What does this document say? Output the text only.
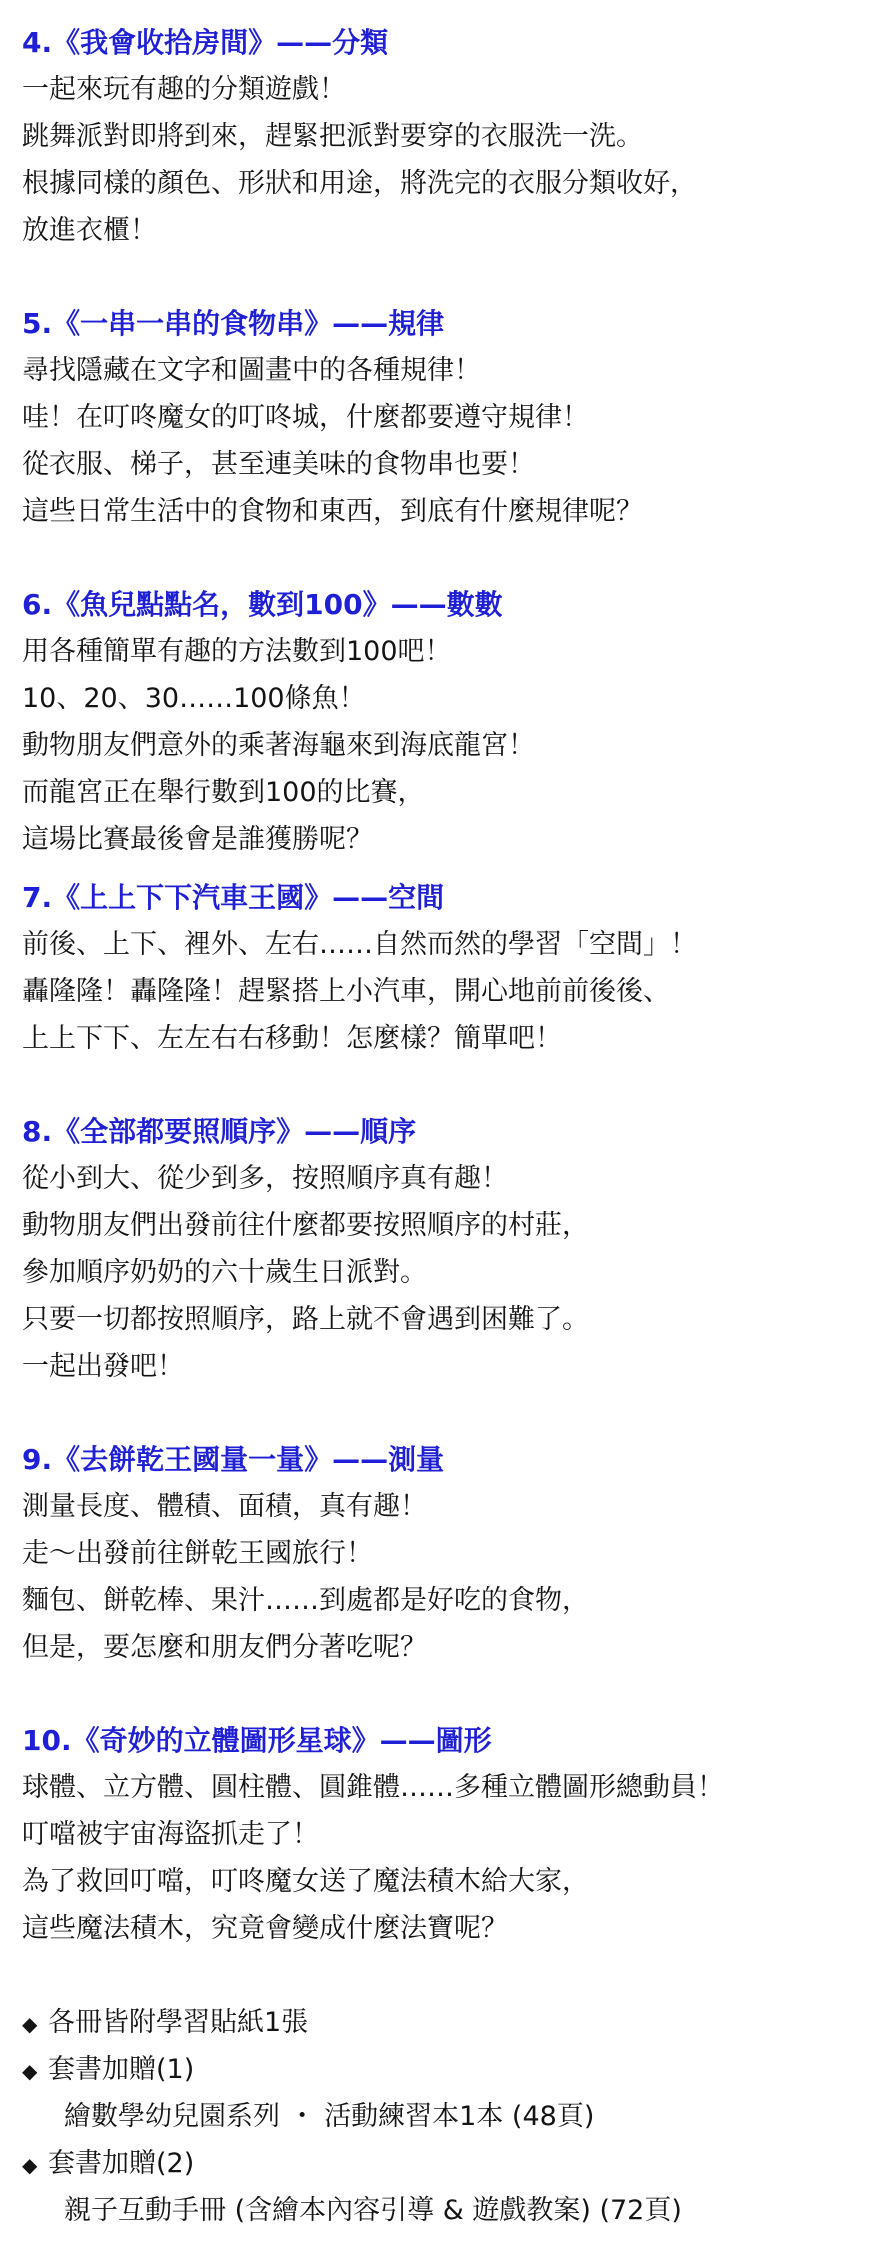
4.《我會收拾房間》——分類
一起來玩有趣的分類遊戲！
跳舞派對即將到來，趕緊把派對要穿的衣服洗一洗。
根據同樣的顏色、形狀和用途，將洗完的衣服分類收好，
放進衣櫃！
5.《一串一串的食物串》——規律
尋找隱藏在文字和圖畫中的各種規律！
哇！在叮咚魔女的叮咚城，什麼都要遵守規律！
從衣服、梯子，甚至連美味的食物串也要！
這些日常生活中的食物和東西，到底有什麼規律呢？
6.《魚兒點點名，數到100》——數數
用各種簡單有趣的方法數到100吧！
10、20、30……100條魚！
動物朋友們意外的乘著海龜來到海底龍宮！
而龍宮正在舉行數到100的比賽，
這場比賽最後會是誰獲勝呢？
7.《上上下下汽車王國》——空間
前後、上下、裡外、左右……自然而然的學習「空間」！
轟隆隆！轟隆隆！趕緊搭上小汽車，開心地前前後後、
上上下下、左左右右移動！怎麼樣？簡單吧！
8.《全部都要照順序》——順序
從小到大、從少到多，按照順序真有趣！
動物朋友們出發前往什麼都要按照順序的村莊，
參加順序奶奶的六十歲生日派對。
只要一切都按照順序，路上就不會遇到困難了。
一起出發吧！
9.《去餅乾王國量一量》——測量
測量長度、體積、面積，真有趣！
走～出發前往餅乾王國旅行！
麵包、餅乾棒、果汁……到處都是好吃的食物，
但是，要怎麼和朋友們分著吃呢？
10.《奇妙的立體圖形星球》——圖形
球體、立方體、圓柱體、圓錐體……多種立體圖形總動員！
叮噹被宇宙海盜抓走了！
為了救回叮噹，叮咚魔女送了魔法積木給大家，
這些魔法積木，究竟會變成什麼法寶呢？
◆ 各冊皆附學習貼紙1張
◆ 套書加贈(1)
繪數學幼兒園系列 ・ 活動練習本1本 (48頁)
◆ 套書加贈(2)
親子互動手冊 (含繪本內容引導 & 遊戲教案) (72頁)
